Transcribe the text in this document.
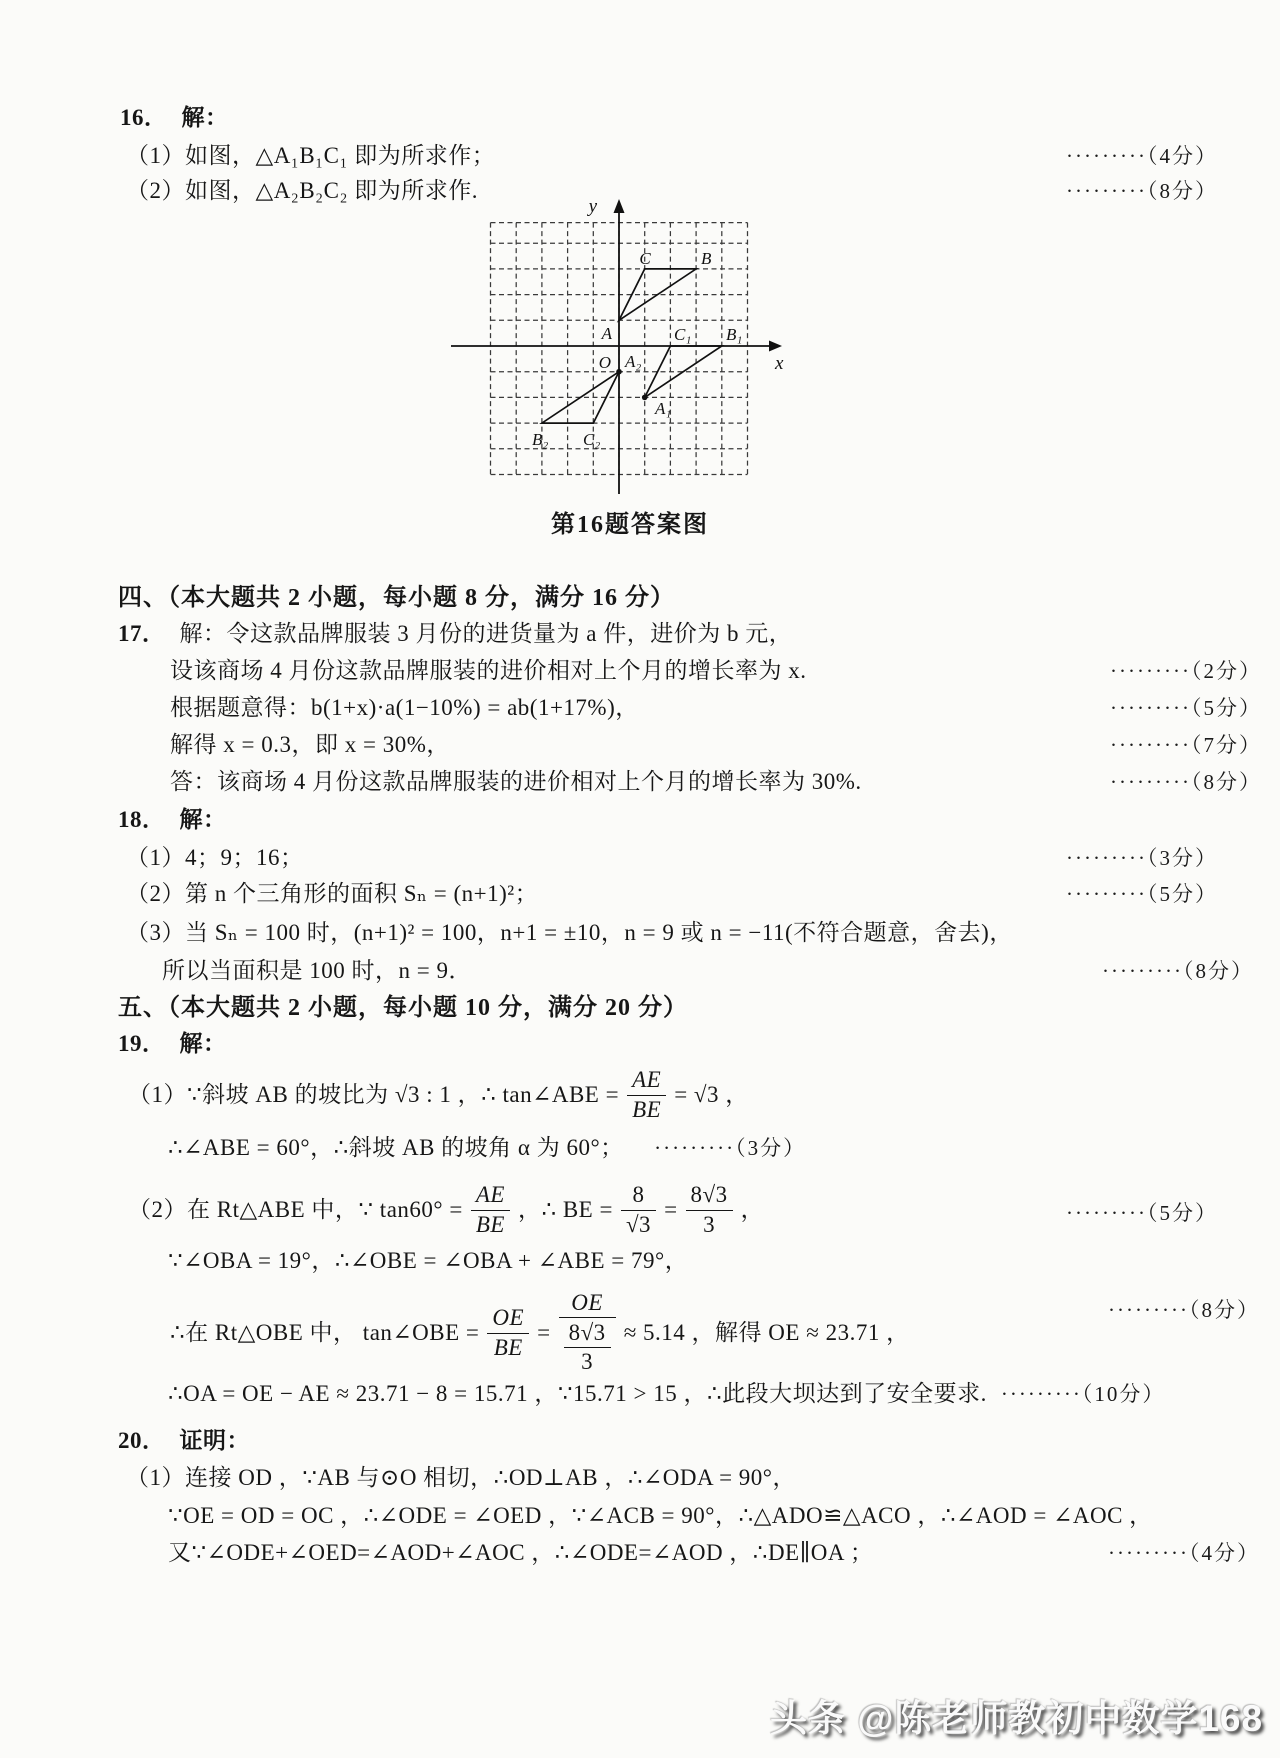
16． 解：
（1）如图，△A₁B₁C₁ 即为所求作；	·········（4分）
（2）如图，△A₂B₂C₂ 即为所求作.	·········（8分）
y
x
A
C	B
C₁ B₁
A₁
A₂
O
B₂ C₂
第16题答案图
四、（本大题共 2 小题，每小题 8 分，满分 16 分）
17． 解：令这款品牌服装 3 月份的进货量为 a 件，进价为 b 元，
设该商场 4 月份这款品牌服装的进价相对上个月的增长率为 x.	·········（2分）
根据题意得：b(1+x)·a(1−10%) = ab(1+17%)，	·········（5分）
解得 x = 0.3，即 x = 30%，	·········（7分）
答：该商场 4 月份这款品牌服装的进价相对上个月的增长率为 30%.	·········（8分）
18． 解：
（1）4；9；16；	·········（3分）
（2）第 n 个三角形的面积 Sₙ = (n+1)²；	·········（5分）
（3）当 Sₙ = 100 时，(n+1)² = 100，n+1 = ±10，n = 9 或 n = −11(不符合题意，舍去)，
所以当面积是 100 时，n = 9．	·········（8分）
五、（本大题共 2 小题，每小题 10 分，满分 20 分）
19． 解：
（1）∵斜坡 AB 的坡比为 √3 : 1 ，∴ tan∠ABE = $\frac{AE}{BE} = √3$ ，
∴∠ABE = 60°，∴斜坡 AB 的坡角 α 为 60°； ·········（3分）
（2）在 Rt△ABE 中，∵ $\tan 60^\circ = \frac{AE}{BE}$ ，∴ BE = $\frac{8}{√3} = \frac{8√3}{3}$ ，	·········（5分）
∵∠OBA = 19°，∴∠OBE = ∠OBA + ∠ABE = 79°，
∴在 Rt△OBE 中， tan∠OBE = $\frac{OE}{BE} = \frac{OE}{\frac{8√3}{3}} \approx 5.14$ ，解得 OE ≈ 23.71 ，
·········（8分）
∴OA = OE − AE ≈ 23.71 − 8 = 15.71 ，∵15.71 > 15 ，∴此段大坝达到了安全要求. ·········（10分）
20． 证明：
（1）连接 OD ，∵AB 与⊙O 相切，∴OD⊥AB ，∴∠ODA = 90°，
∵OE = OD = OC ，∴∠ODE = ∠OED ，∵∠ACB = 90°，∴△ADO≌△ACO ，∴∠AOD = ∠AOC ，
又∵∠ODE+∠OED=∠AOD+∠AOC ，∴∠ODE=∠AOD ，∴DE∥OA ；	·········（4分）
头条 @陈老师教初中数学168
